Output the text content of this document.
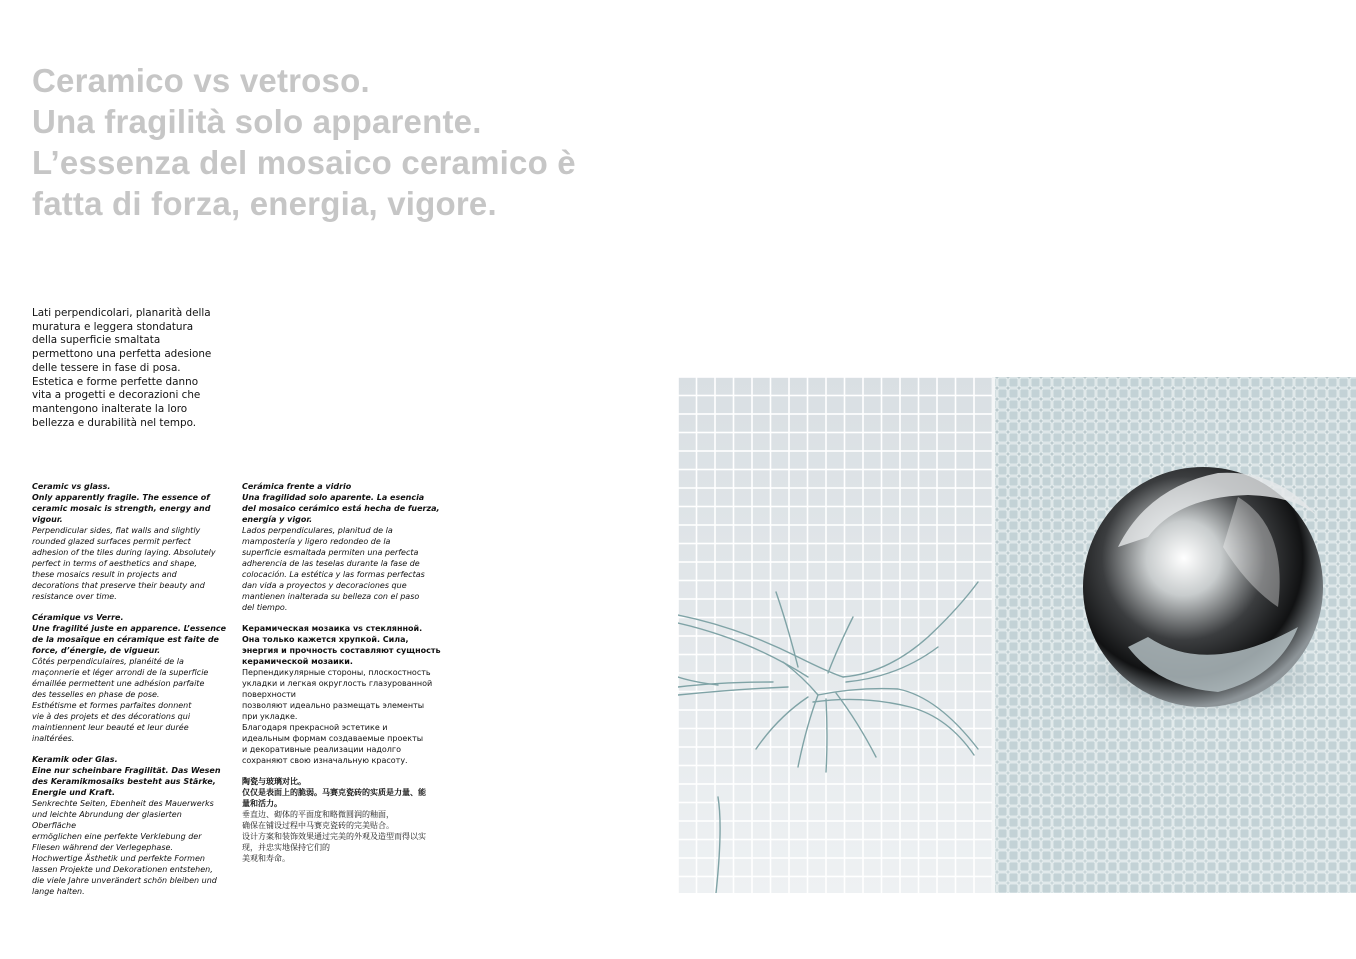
Ceramico vs vetroso.
Una fragilità solo apparente.
L’essenza del mosaico ceramico è
fatta di forza, energia, vigore.
Lati perpendicolari, planarità della
muratura e leggera stondatura
della superficie smaltata
permettono una perfetta adesione
delle tessere in fase di posa.
Estetica e forme perfette danno
vita a progetti e decorazioni che
mantengono inalterate la loro
bellezza e durabilità nel tempo.
Ceramic vs glass.
Only apparently fragile. The essence of
ceramic mosaic is strength, energy and
vigour.
Perpendicular sides, flat walls and slightly
rounded glazed surfaces permit perfect
adhesion of the tiles during laying. Absolutely
perfect in terms of aesthetics and shape,
these mosaics result in projects and
decorations that preserve their beauty and
resistance over time.
Céramique vs Verre.
Une fragilité juste en apparence. L’essence
de la mosaïque en céramique est faite de
force, d’énergie, de vigueur.
Côtés perpendiculaires, planéité de la
maçonnerie et léger arrondi de la superficie
émaillée permettent une adhésion parfaite
des tesselles en phase de pose.
Esthétisme et formes parfaites donnent
vie à des projets et des décorations qui
maintiennent leur beauté et leur durée
inaltérées.
Keramik oder Glas.
Eine nur scheinbare Fragilität. Das Wesen
des Keramikmosaiks besteht aus Stärke,
Energie und Kraft.
Senkrechte Seiten, Ebenheit des Mauerwerks
und leichte Abrundung der glasierten
Oberfläche
ermöglichen eine perfekte Verklebung der
Fliesen während der Verlegephase.
Hochwertige Ästhetik und perfekte Formen
lassen Projekte und Dekorationen entstehen,
die viele Jahre unverändert schön bleiben und
lange halten.
Cerámica frente a vidrio
Una fragilidad solo aparente. La esencia
del mosaico cerámico está hecha de fuerza,
energía y vigor.
Lados perpendiculares, planitud de la
mampostería y ligero redondeo de la
superficie esmaltada permiten una perfecta
adherencia de las teselas durante la fase de
colocación. La estética y las formas perfectas
dan vida a proyectos y decoraciones que
mantienen inalterada su belleza con el paso
del tiempo.
Керамическая мозаика vs стеклянной.
Она только кажется хрупкой. Сила,
энергия и прочность составляют сущность
керамической мозаики.
Перпендикулярные стороны, плоскостность
укладки и легкая округлость глазурованной
поверхности
позволяют идеально размещать элементы
при укладке.
Благодаря прекрасной эстетике и
идеальным формам создаваемые проекты
и декоративные реализации надолго
сохраняют свою изначальную красоту.
陶瓷与玻璃对比。
仅仅是表面上的脆弱。马赛克瓷砖的实质是力量、能
量和活力。
垂直边、砌体的平面度和略微圆润的釉面，
确保在铺设过程中马赛克瓷砖的完美贴合。
设计方案和装饰效果通过完美的外观及造型而得以实
现，并忠实地保持它们的
美观和寿命。
